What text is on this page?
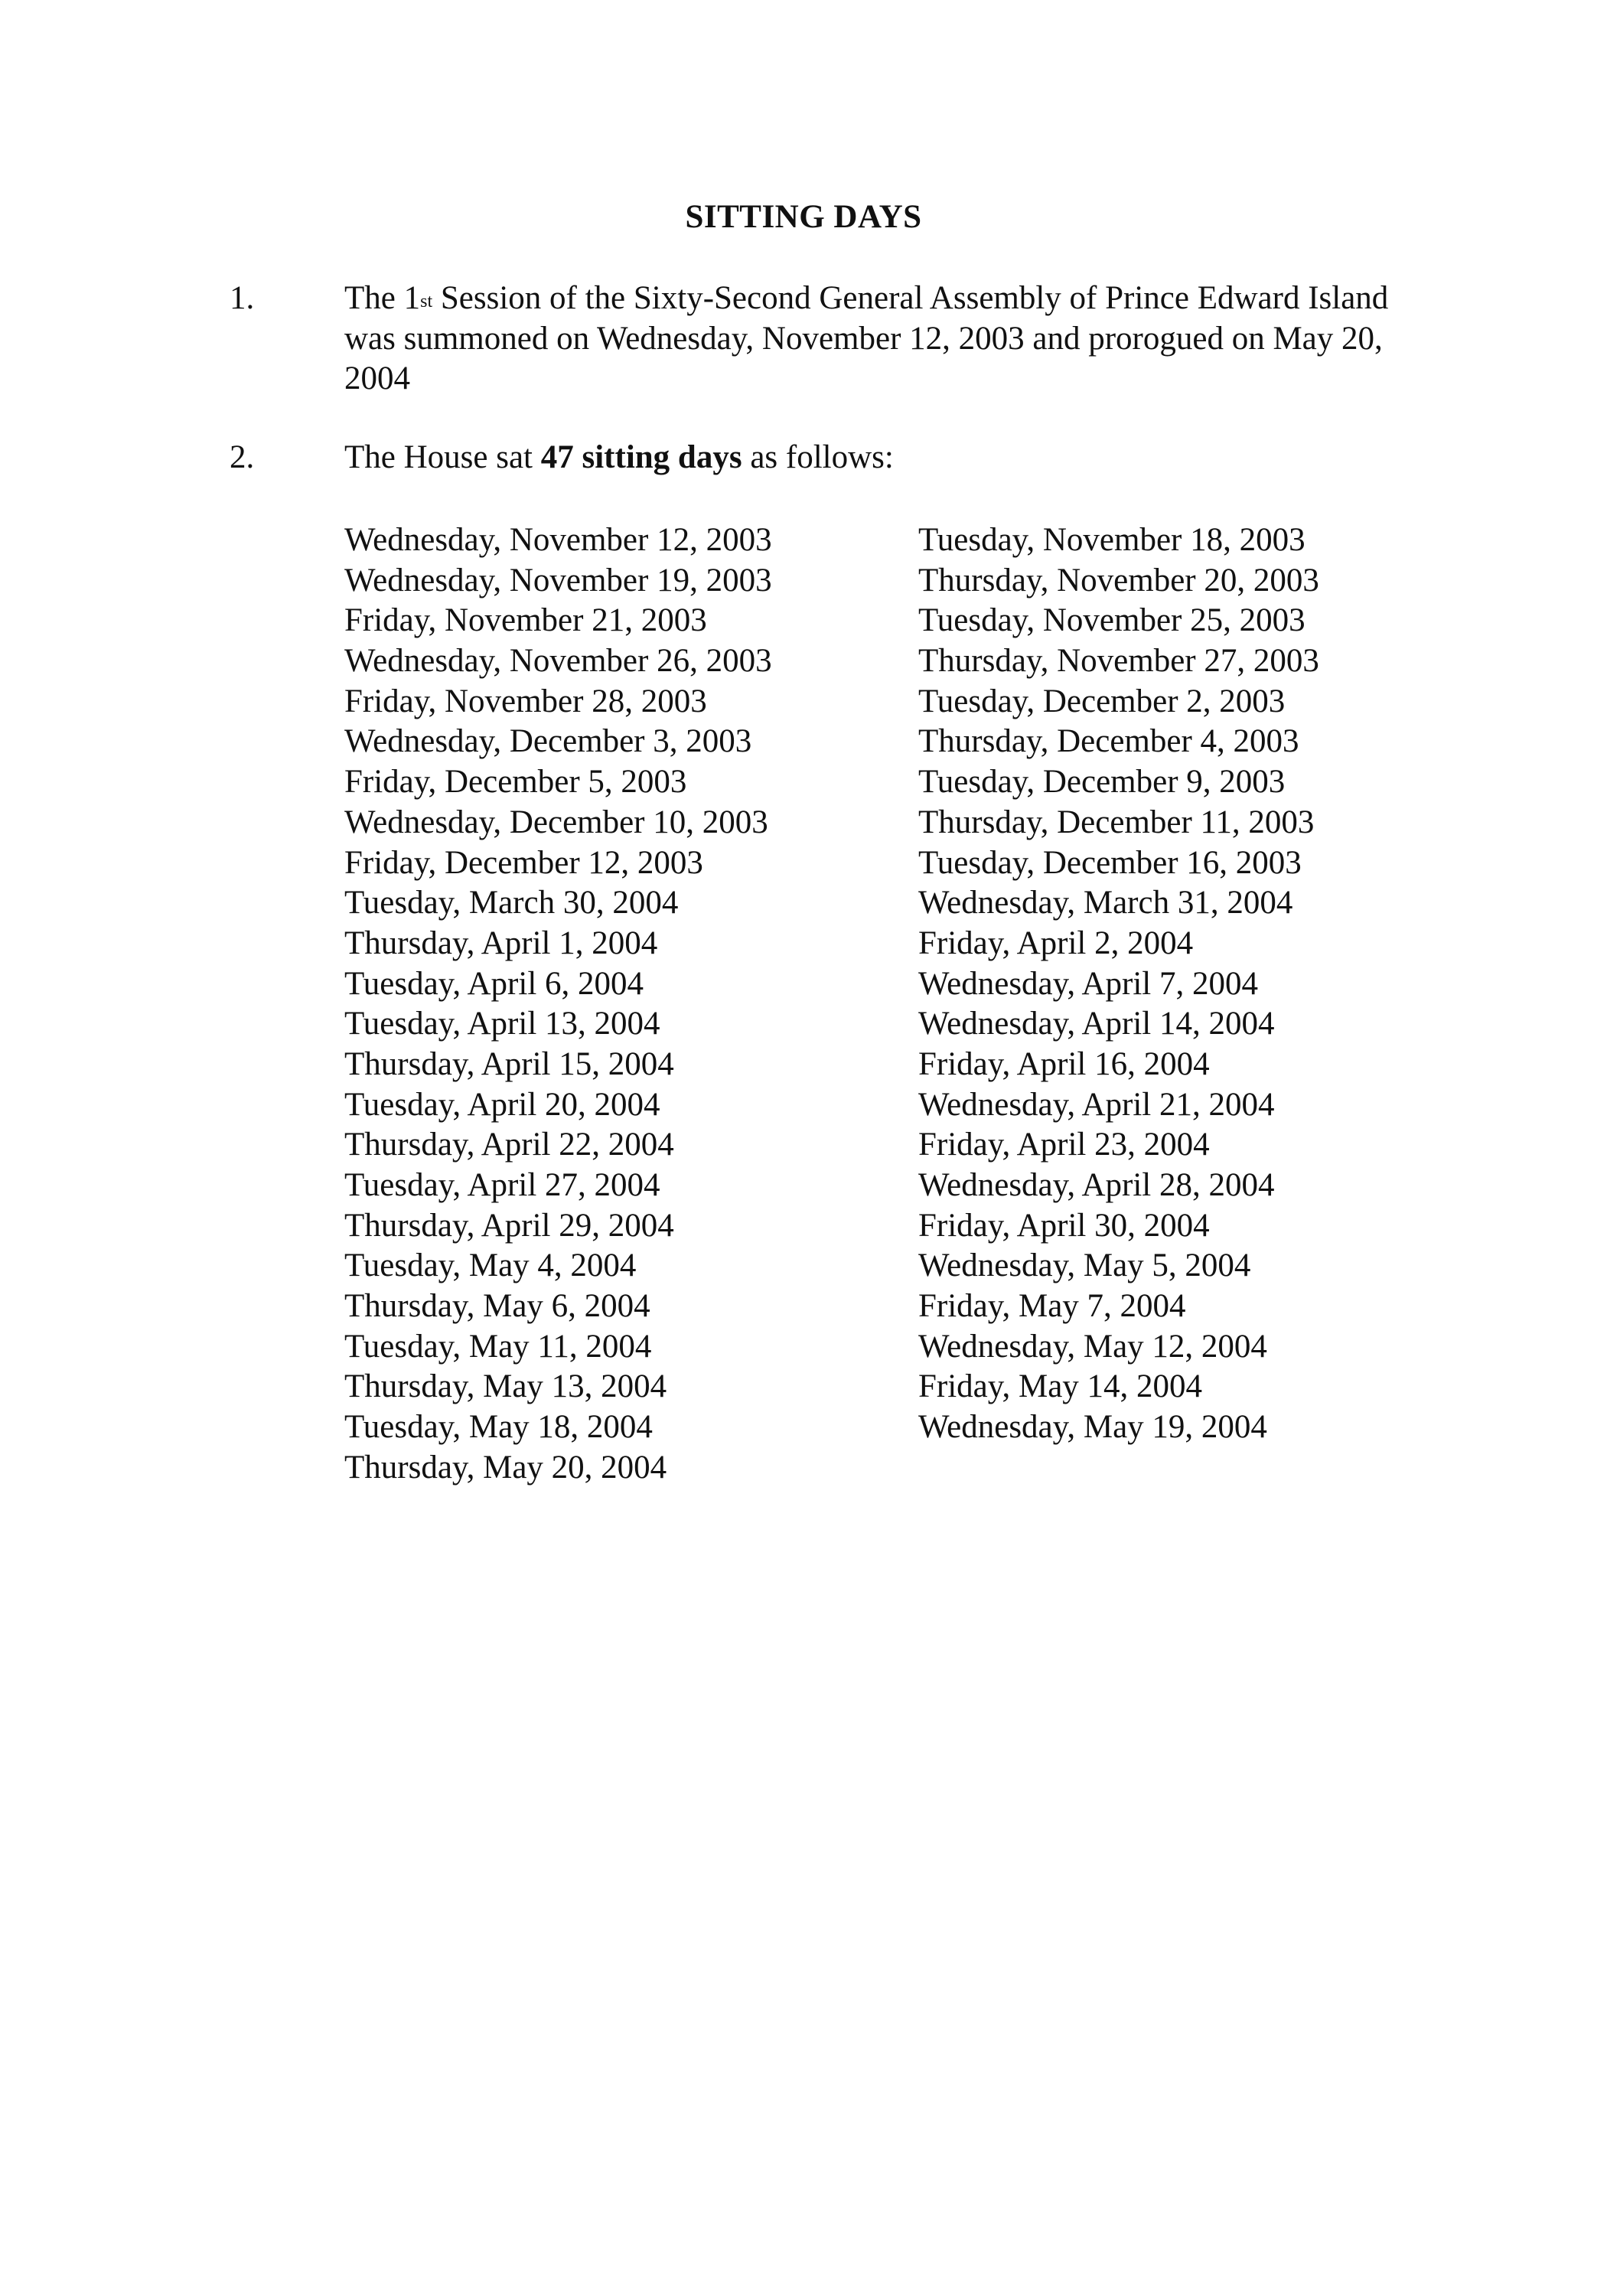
SITTING DAYS
1.	The 1st Session of the Sixty-Second General Assembly of Prince Edward Island was summoned on Wednesday, November 12, 2003 and prorogued on May 20, 2004
2.	The House sat 47 sitting days as follows:
Wednesday, November 12, 2003
Wednesday, November 19, 2003
Friday, November 21, 2003
Wednesday, November 26, 2003
Friday, November 28, 2003
Wednesday, December 3, 2003
Friday, December 5, 2003
Wednesday, December 10, 2003
Friday, December 12, 2003
Tuesday, March 30, 2004
Thursday, April 1, 2004
Tuesday, April 6, 2004
Tuesday, April 13, 2004
Thursday, April 15, 2004
Tuesday, April 20, 2004
Thursday, April 22, 2004
Tuesday, April 27, 2004
Thursday, April 29, 2004
Tuesday, May 4, 2004
Thursday, May 6, 2004
Tuesday, May 11, 2004
Thursday, May 13, 2004
Tuesday, May 18, 2004
Thursday, May 20, 2004
Tuesday, November 18, 2003
Thursday, November 20, 2003
Tuesday, November 25, 2003
Thursday, November 27, 2003
Tuesday, December 2, 2003
Thursday, December 4, 2003
Tuesday, December 9, 2003
Thursday, December 11, 2003
Tuesday, December 16, 2003
Wednesday, March 31, 2004
Friday, April 2, 2004
Wednesday, April 7, 2004
Wednesday, April 14, 2004
Friday, April 16, 2004
Wednesday, April 21, 2004
Friday, April 23, 2004
Wednesday, April 28, 2004
Friday, April 30, 2004
Wednesday, May 5, 2004
Friday, May 7, 2004
Wednesday, May 12, 2004
Friday, May 14, 2004
Wednesday, May 19, 2004
